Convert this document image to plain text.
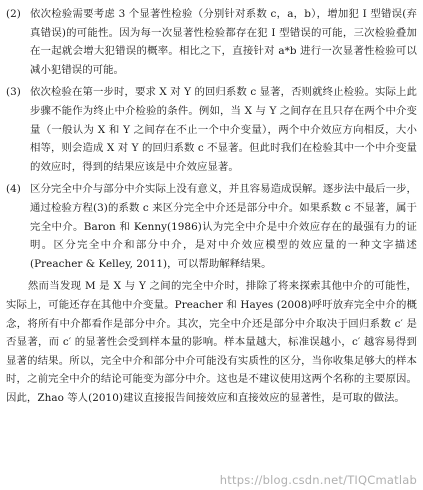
(2) 依次检验需要考虑 3 个显著性检验（分别针对系数 c，a，b），增加犯 I 型错误(弃真错误)的可能性。因为每一次显著性检验都存在犯 I 型错误的可能，三次检验叠加在一起就会增大犯错误的概率。相比之下，直接针对 a*b 进行一次显著性检验可以减小犯错误的可能。
(3) 依次检验在第一步时，要求 X 对 Y 的回归系数 c 显著，否则就终止检验。实际上此步骤不能作为终止中介检验的条件。例如，当 X 与 Y 之间存在且只存在两个中介变量（一般认为 X 和 Y 之间存在不止一个中介变量），两个中介效应方向相反，大小相等，则会造成 X 对 Y 的回归系数 c 不显著。但此时我们在检验其中一个中介变量的效应时，得到的结果应该是中介效应显著。
(4) 区分完全中介与部分中介实际上没有意义，并且容易造成误解。逐步法中最后一步，通过检验方程(3)的系数 c 来区分完全中介还是部分中介。如果系数 c 不显著，属于完全中介。Baron 和 Kenny(1986)认为完全中介是中介效应存在的最强有力的证明。区分完全中介和部分中介，是对中介效应模型的效应量的一种文字描述(Preacher & Kelley, 2011)，可以帮助解释结果。

然而当发现 M 是 X 与 Y 之间的完全中介时，排除了将来探索其他中介的可能性，实际上，可能还存在其他中介变量。Preacher 和 Hayes (2008)呼吁放弃完全中介的概念，将所有中介都看作是部分中介。其次，完全中介还是部分中介取决于回归系数 c′ 是否显著，而 c′ 的显著性会受到样本量的影响。样本量越大，标准误越小，c′ 越容易得到显著的结果。所以，完全中介和部分中介可能没有实质性的区分，当你收集足够大的样本时，之前完全中介的结论可能变为部分中介。这也是不建议使用这两个名称的主要原因。因此，Zhao 等人(2010)建议直接报告间接效应和直接效应的显著性，是可取的做法。

https://blog.csdn.net/TIQCmatlab
